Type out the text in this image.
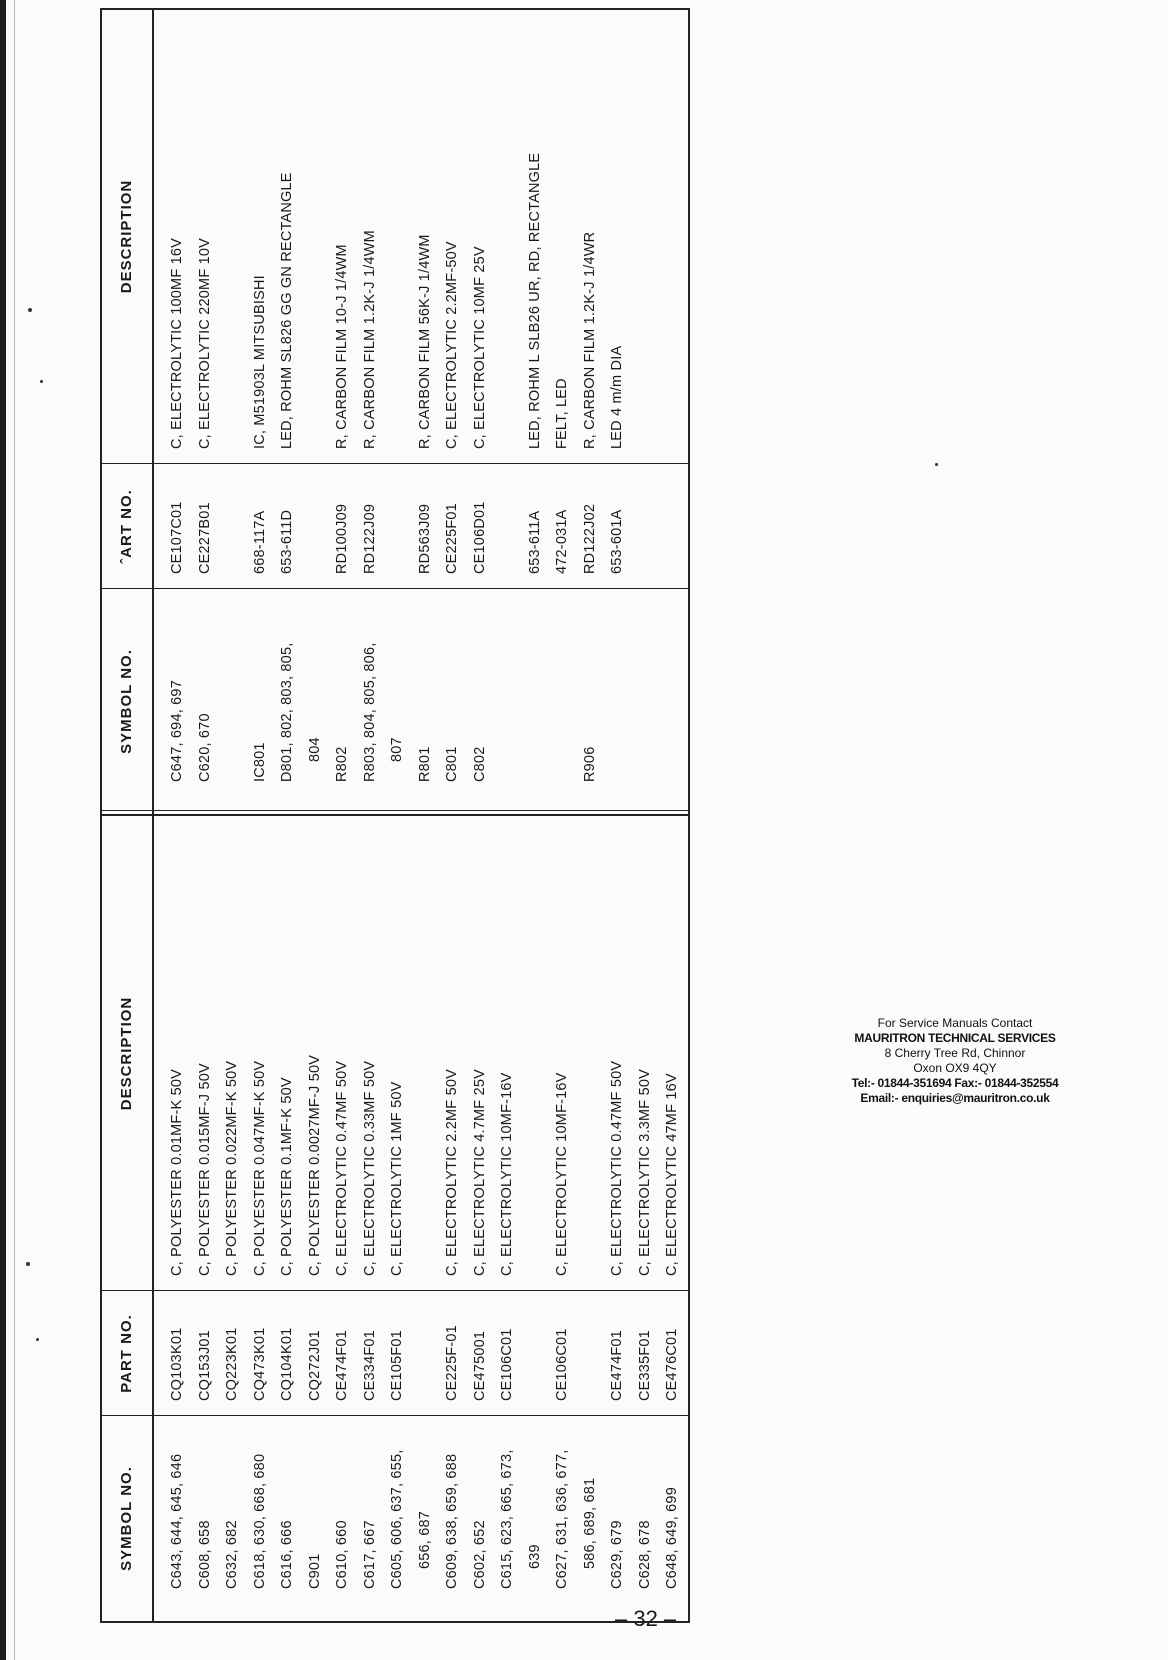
SYMBOL NO.
PART NO.
DESCRIPTION
C643, 644, 645, 646
CQ103K01
C, POLYESTER 0.01MF-K 50V
C608, 658
CQ153J01
C, POLYESTER 0.015MF-J 50V
C632, 682
CQ223K01
C, POLYESTER 0.022MF-K 50V
C618, 630, 668, 680
CQ473K01
C, POLYESTER 0.047MF-K 50V
C616, 666
CQ104K01
C, POLYESTER 0.1MF-K 50V
C901
CQ272J01
C, POLYESTER 0.0027MF-J 50V
C610, 660
CE474F01
C, ELECTROLYTIC 0.47MF 50V
C617, 667
CE334F01
C, ELECTROLYTIC 0.33MF 50V
C605, 606, 637, 655,
CE105F01
C, ELECTROLYTIC 1MF 50V
656, 687 C609, 638, 659, 688
CE225F-01
C, ELECTROLYTIC 2.2MF 50V
C602, 652
CE475001
C, ELECTROLYTIC 4.7MF 25V
C615, 623, 665, 673,
CE106C01
C, ELECTROLYTIC 10MF-16V
639 C627, 631, 636, 677,
CE106C01
C, ELECTROLYTIC 10MF-16V
586, 689, 681 C629, 679
CE474F01
C, ELECTROLYTIC 0.47MF 50V
C628, 678
CE335F01
C, ELECTROLYTIC 3.3MF 50V
C648, 649, 699
CE476C01
C, ELECTROLYTIC 47MF 16V
SYMBOL NO.
ˆART NO.
DESCRIPTION
C647, 694, 697
CE107C01
C, ELECTROLYTIC 100MF 16V
C620, 670
CE227B01
C, ELECTROLYTIC 220MF 10V
IC801
668-117A
IC, M51903L MITSUBISHI
D801, 802, 803, 805,
653-611D
LED, ROHM SL826 GG GN RECTANGLE
804 R802
RD100J09
R, CARBON FILM 10-J 1/4WM
R803, 804, 805, 806,
RD122J09
R, CARBON FILM 1.2K-J 1/4WM
807 R801
RD563J09
R, CARBON FILM 56K-J 1/4WM
C801
CE225F01
C, ELECTROLYTIC 2.2MF-50V
C802
CE106D01
C, ELECTROLYTIC 10MF 25V
653-611A
LED, ROHM L SLB26 UR, RD, RECTANGLE
472-031A
FELT, LED
R906
RD122J02
R, CARBON FILM 1.2K-J 1/4WR
653-601A
LED 4 m/m DIA
– 32 –
For Service Manuals Contact
MAURITRON TECHNICAL SERVICES
8 Cherry Tree Rd, Chinnor
Oxon OX9 4QY
Tel:- 01844-351694 Fax:- 01844-352554
Email:- enquiries@mauritron.co.uk
